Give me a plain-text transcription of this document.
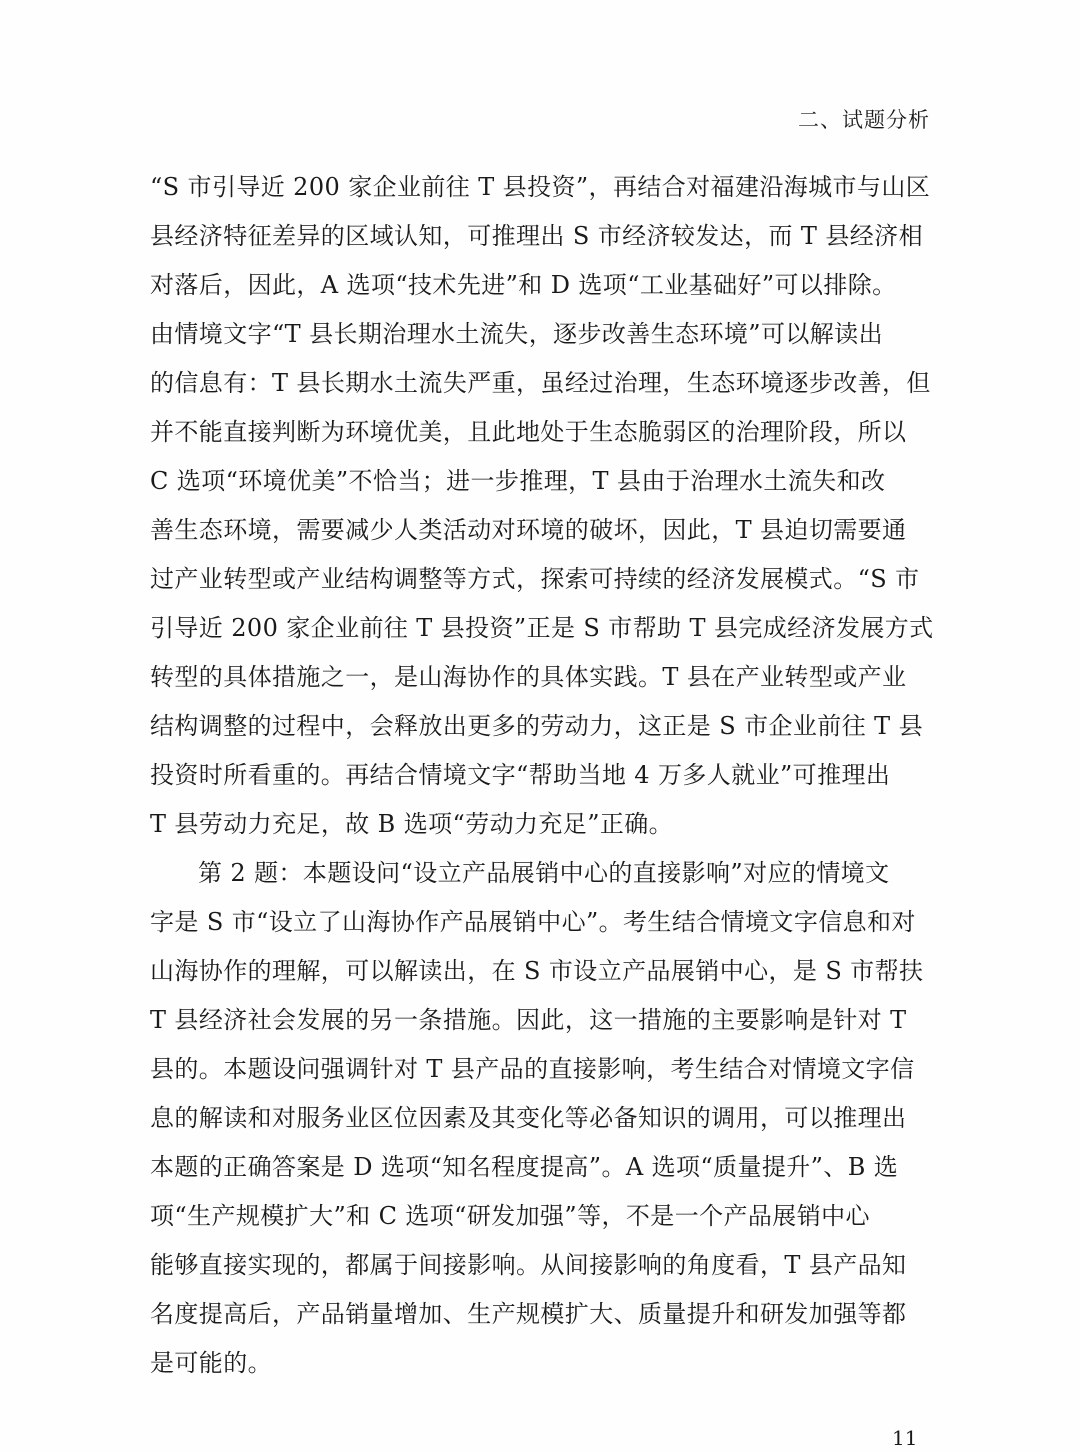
二、试题分析
“S 市引导近 200 家企业前往 T 县投资”，再结合对福建沿海城市与山区
县经济特征差异的区域认知，可推理出 S 市经济较发达，而 T 县经济相
对落后，因此，A 选项“技术先进”和 D 选项“工业基础好”可以排除。
由情境文字“T 县长期治理水土流失，逐步改善生态环境”可以解读出
的信息有：T 县长期水土流失严重，虽经过治理，生态环境逐步改善，但
并不能直接判断为环境优美，且此地处于生态脆弱区的治理阶段，所以
C 选项“环境优美”不恰当；进一步推理，T 县由于治理水土流失和改
善生态环境，需要减少人类活动对环境的破坏，因此，T 县迫切需要通
过产业转型或产业结构调整等方式，探索可持续的经济发展模式。“S 市
引导近 200 家企业前往 T 县投资”正是 S 市帮助 T 县完成经济发展方式
转型的具体措施之一，是山海协作的具体实践。T 县在产业转型或产业
结构调整的过程中，会释放出更多的劳动力，这正是 S 市企业前往 T 县
投资时所看重的。再结合情境文字“帮助当地 4 万多人就业”可推理出
T 县劳动力充足，故 B 选项“劳动力充足”正确。
第 2 题：本题设问“设立产品展销中心的直接影响”对应的情境文
字是 S 市“设立了山海协作产品展销中心”。考生结合情境文字信息和对
山海协作的理解，可以解读出，在 S 市设立产品展销中心，是 S 市帮扶
T 县经济社会发展的另一条措施。因此，这一措施的主要影响是针对 T
县的。本题设问强调针对 T 县产品的直接影响，考生结合对情境文字信
息的解读和对服务业区位因素及其变化等必备知识的调用，可以推理出
本题的正确答案是 D 选项“知名程度提高”。A 选项“质量提升”、B 选
项“生产规模扩大”和 C 选项“研发加强”等，不是一个产品展销中心
能够直接实现的，都属于间接影响。从间接影响的角度看，T 县产品知
名度提高后，产品销量增加、生产规模扩大、质量提升和研发加强等都
是可能的。
11
